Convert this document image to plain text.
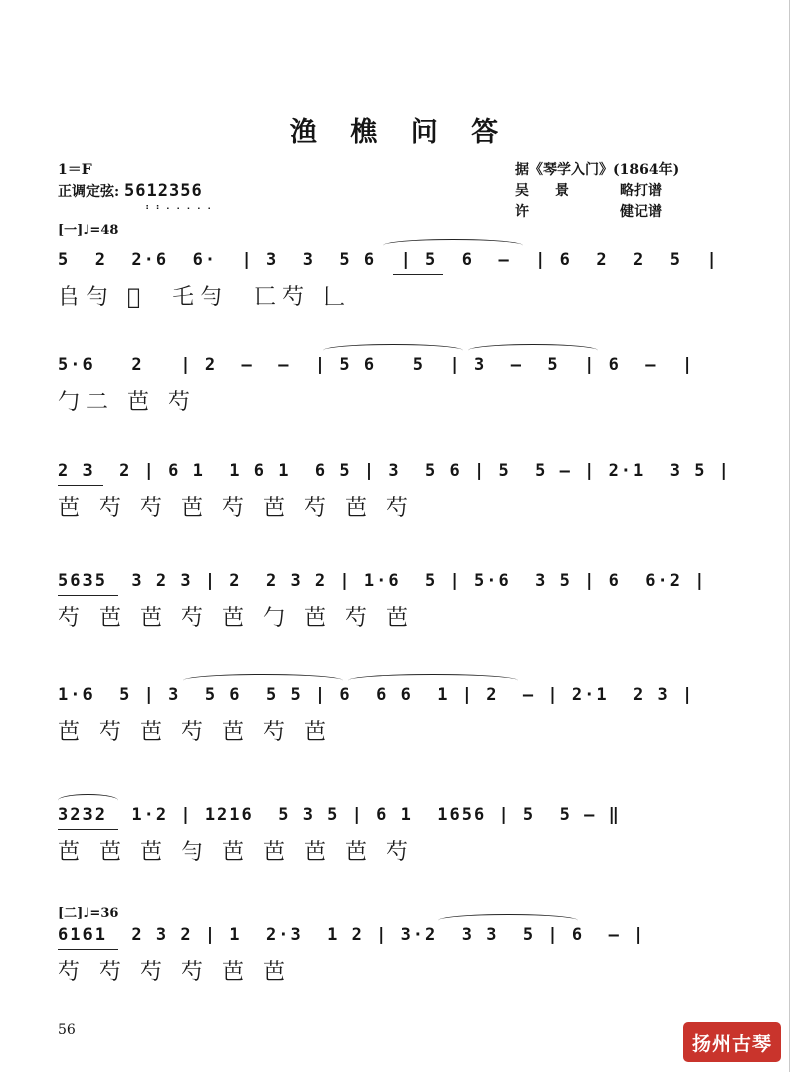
渔 樵 问 答
1＝F
正调定弦: 5612356
⠆⠆⠄⠄⠄⠄⠄
据《琴学入门》(1864年)
吴景	略打谱
许	健记谱
[一]♩=48
5  2  2·6  6·  | 3  3  5 6  | 5  6  —  | 6  2  2  5  |
𠂤勻 𠀉  乇勻  匸芍 𠃊
5·6   2   | 2  —  —  | 5 6   5  | 3  —  5  | 6  —  |
勹二 芭 芍
2 3  2 | 6 1  1 6 1  6 5 | 3  5 6 | 5  5 — | 2·1  3 5 |
芭 芍 芍 芭 芍 芭 芍 芭 芍
5635  3 2 3 | 2  2 3 2 | 1·6  5 | 5·6  3 5 | 6  6·2 |
芍 芭 芭 芍 芭 勹 芭 芍 芭
1·6  5 | 3  5 6  5 5 | 6  6 6  1 | 2  — | 2·1  2 3 |
芭 芍 芭 芍 芭 芍 芭
3232  1·2 | 1216  5 3 5 | 6 1  1656 | 5  5 — ‖
芭 芭 芭 勻 芭 芭 芭 芭 芍
[二]♩=36
6161  2 3 2 | 1  2·3  1 2 | 3·2  3 3  5 | 6  — |
芍 芍 芍 芍 芭 芭
56
扬州古琴
